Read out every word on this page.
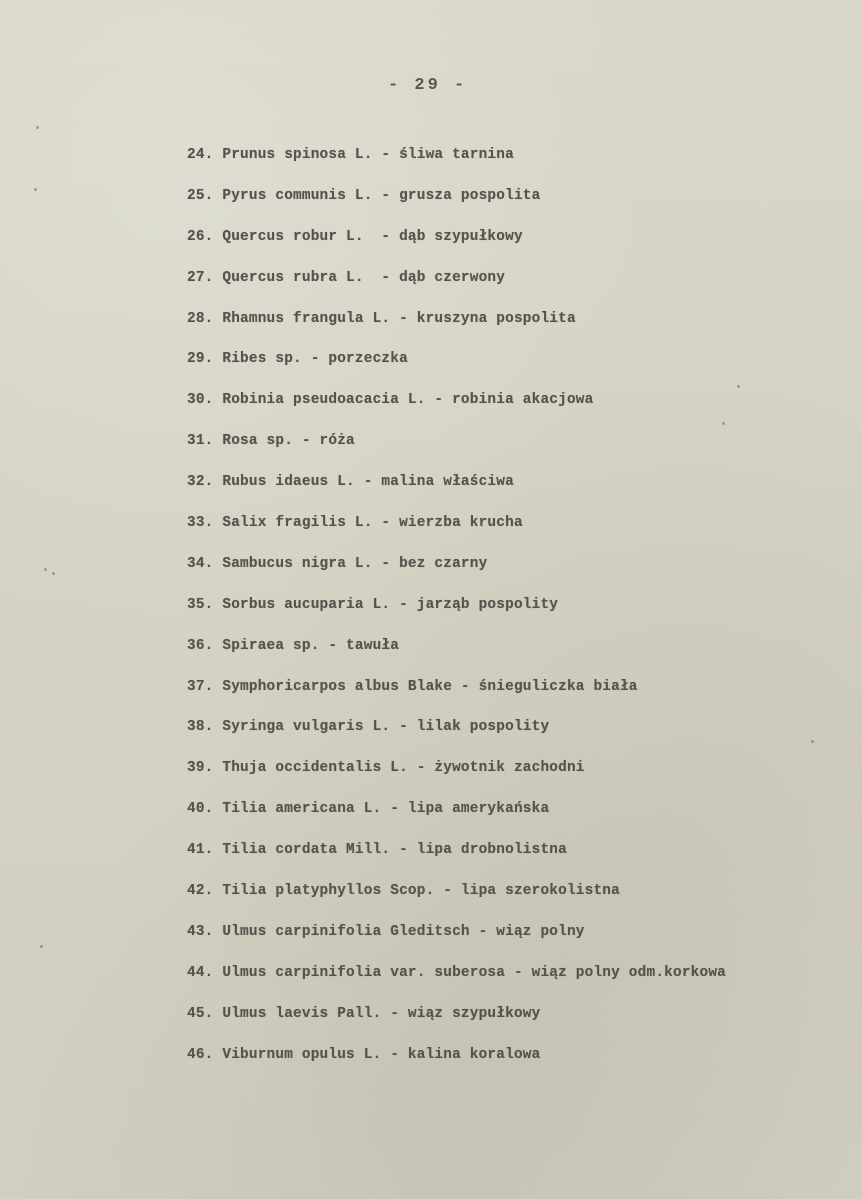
- 29 -
24. Prunus spinosa L. - śliwa tarnina
25. Pyrus communis L. - grusza pospolita
26. Quercus robur L.  - dąb szypułkowy
27. Quercus rubra L.  - dąb czerwony
28. Rhamnus frangula L. - kruszyna pospolita
29. Ribes sp. - porzeczka
30. Robinia pseudoacacia L. - robinia akacjowa
31. Rosa sp. - róża
32. Rubus idaeus L. - malina właściwa
33. Salix fragilis L. - wierzba krucha
34. Sambucus nigra L. - bez czarny
35. Sorbus aucuparia L. - jarząb pospolity
36. Spiraea sp. - tawuła
37. Symphoricarpos albus Blake - śnieguliczka biała
38. Syringa vulgaris L. - lilak pospolity
39. Thuja occidentalis L. - żywotnik zachodni
40. Tilia americana L. - lipa amerykańska
41. Tilia cordata Mill. - lipa drobnolistna
42. Tilia platyphyllos Scop. - lipa szerokolistna
43. Ulmus carpinifolia Gleditsch - wiąz polny
44. Ulmus carpinifolia var. suberosa - wiąz polny odm.korkowa
45. Ulmus laevis Pall. - wiąz szypułkowy
46. Viburnum opulus L. - kalina koralowa
